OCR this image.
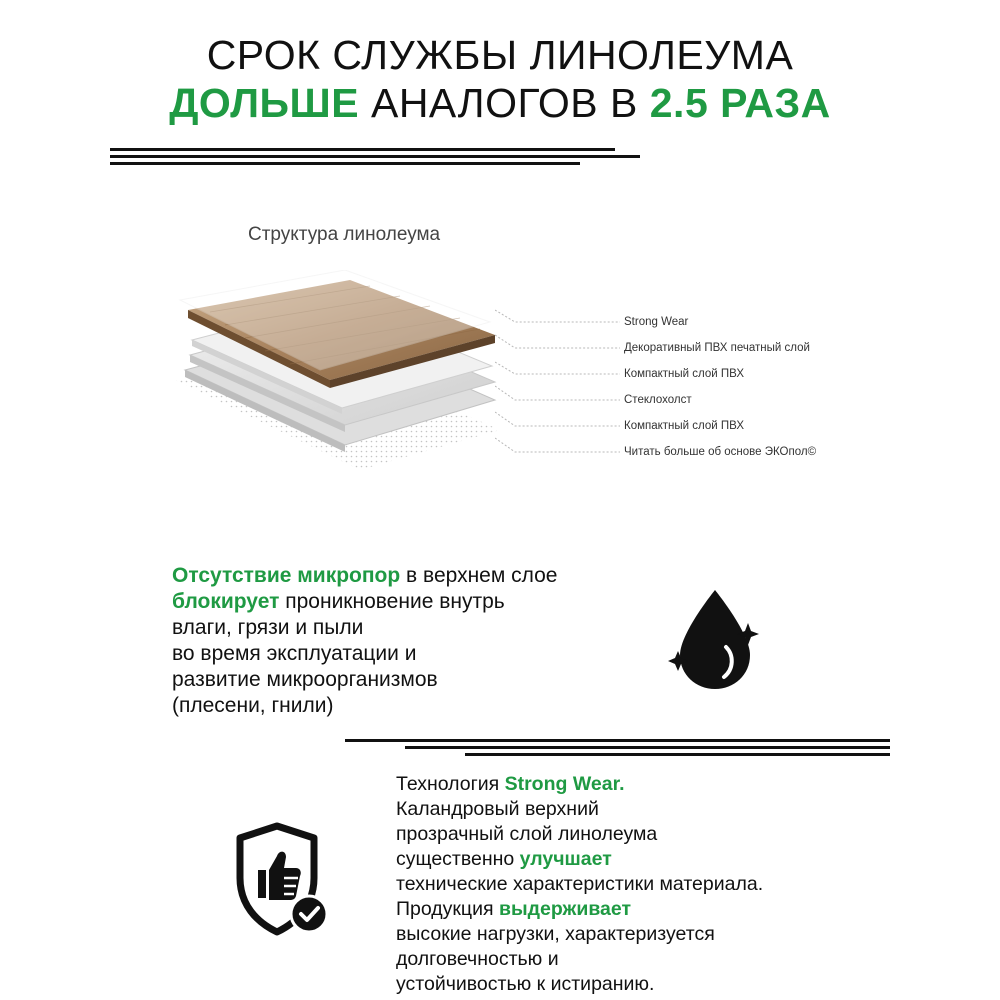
СРОК СЛУЖБЫ ЛИНОЛЕУМА
ДОЛЬШЕ АНАЛОГОВ В 2.5 РАЗА
Структура линолеума
Strong Wear
Декоративный ПВХ печатный слой
Компактный слой ПВХ
Стеклохолст
Компактный слой ПВХ
Читать больше об основе ЭКОпол©
Отсутствие микропор в верхнем слое
блокирует проникновение внутрь
влаги, грязи и пыли
во время эксплуатации и
развитие микроорганизмов
(плесени, гнили)
Технология Strong Wear.
Каландровый верхний
прозрачный слой линолеума
существенно улучшает
технические характеристики материала.
Продукция выдерживает
высокие нагрузки, характеризуется
долговечностью и
устойчивостью к истиранию.
